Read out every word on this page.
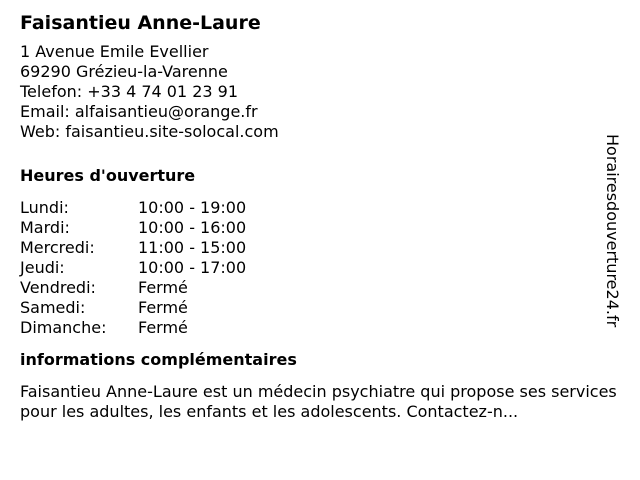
Faisantieu Anne-Laure
1 Avenue Emile Evellier
69290 Grézieu-la-Varenne
Telefon: +33 4 74 01 23 91
Email: alfaisantieu@orange.fr
Web: faisantieu.site-solocal.com
Heures d'ouverture
Lundi:	10:00 - 19:00
Mardi:	10:00 - 16:00
Mercredi:	11:00 - 15:00
Jeudi:	10:00 - 17:00
Vendredi:	Fermé
Samedi:	Fermé
Dimanche:	Fermé
informations complémentaires
Faisantieu Anne-Laure est un médecin psychiatre qui propose ses services pour les adultes, les enfants et les adolescents. Contactez-n...
Horairesdouverture24.fr
